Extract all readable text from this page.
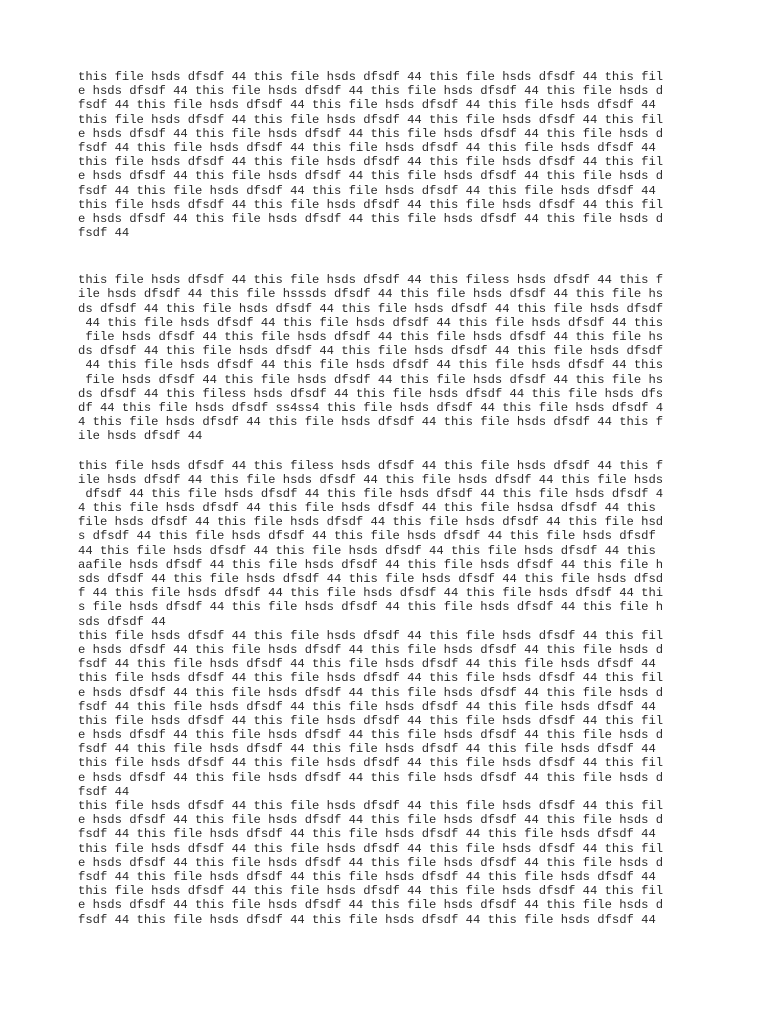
this file hsds dfsdf 44 this file hsds dfsdf 44 this file hsds dfsdf 44 this fil
e hsds dfsdf 44 this file hsds dfsdf 44 this file hsds dfsdf 44 this file hsds d
fsdf 44 this file hsds dfsdf 44 this file hsds dfsdf 44 this file hsds dfsdf 44
this file hsds dfsdf 44 this file hsds dfsdf 44 this file hsds dfsdf 44 this fil
e hsds dfsdf 44 this file hsds dfsdf 44 this file hsds dfsdf 44 this file hsds d
fsdf 44 this file hsds dfsdf 44 this file hsds dfsdf 44 this file hsds dfsdf 44
this file hsds dfsdf 44 this file hsds dfsdf 44 this file hsds dfsdf 44 this fil
e hsds dfsdf 44 this file hsds dfsdf 44 this file hsds dfsdf 44 this file hsds d
fsdf 44 this file hsds dfsdf 44 this file hsds dfsdf 44 this file hsds dfsdf 44
this file hsds dfsdf 44 this file hsds dfsdf 44 this file hsds dfsdf 44 this fil
e hsds dfsdf 44 this file hsds dfsdf 44 this file hsds dfsdf 44 this file hsds d
fsdf 44
this file hsds dfsdf 44 this file hsds dfsdf 44 this filess hsds dfsdf 44 this f
ile hsds dfsdf 44 this file hsssds dfsdf 44 this file hsds dfsdf 44 this file hs
ds dfsdf 44 this file hsds dfsdf 44 this file hsds dfsdf 44 this file hsds dfsdf
44 this file hsds dfsdf 44 this file hsds dfsdf 44 this file hsds dfsdf 44 this
file hsds dfsdf 44 this file hsds dfsdf 44 this file hsds dfsdf 44 this file hs
ds dfsdf 44 this file hsds dfsdf 44 this file hsds dfsdf 44 this file hsds dfsdf
44 this file hsds dfsdf 44 this file hsds dfsdf 44 this file hsds dfsdf 44 this
file hsds dfsdf 44 this file hsds dfsdf 44 this file hsds dfsdf 44 this file hs
ds dfsdf 44 this filess hsds dfsdf 44 this file hsds dfsdf 44 this file hsds dfs
df 44 this file hsds dfsdf ss4ss4 this file hsds dfsdf 44 this file hsds dfsdf 4
4 this file hsds dfsdf 44 this file hsds dfsdf 44 this file hsds dfsdf 44 this f
ile hsds dfsdf 44
this file hsds dfsdf 44 this filess hsds dfsdf 44 this file hsds dfsdf 44 this f
ile hsds dfsdf 44 this file hsds dfsdf 44 this file hsds dfsdf 44 this file hsds
dfsdf 44 this file hsds dfsdf 44 this file hsds dfsdf 44 this file hsds dfsdf 4
4 this file hsds dfsdf 44 this file hsds dfsdf 44 this file hsdsa dfsdf 44 this
file hsds dfsdf 44 this file hsds dfsdf 44 this file hsds dfsdf 44 this file hsd
s dfsdf 44 this file hsds dfsdf 44 this file hsds dfsdf 44 this file hsds dfsdf
44 this file hsds dfsdf 44 this file hsds dfsdf 44 this file hsds dfsdf 44 this
aafile hsds dfsdf 44 this file hsds dfsdf 44 this file hsds dfsdf 44 this file h
sds dfsdf 44 this file hsds dfsdf 44 this file hsds dfsdf 44 this file hsds dfsd
f 44 this file hsds dfsdf 44 this file hsds dfsdf 44 this file hsds dfsdf 44 thi
s file hsds dfsdf 44 this file hsds dfsdf 44 this file hsds dfsdf 44 this file h
sds dfsdf 44
this file hsds dfsdf 44 this file hsds dfsdf 44 this file hsds dfsdf 44 this fil
e hsds dfsdf 44 this file hsds dfsdf 44 this file hsds dfsdf 44 this file hsds d
fsdf 44 this file hsds dfsdf 44 this file hsds dfsdf 44 this file hsds dfsdf 44
this file hsds dfsdf 44 this file hsds dfsdf 44 this file hsds dfsdf 44 this fil
e hsds dfsdf 44 this file hsds dfsdf 44 this file hsds dfsdf 44 this file hsds d
fsdf 44 this file hsds dfsdf 44 this file hsds dfsdf 44 this file hsds dfsdf 44
this file hsds dfsdf 44 this file hsds dfsdf 44 this file hsds dfsdf 44 this fil
e hsds dfsdf 44 this file hsds dfsdf 44 this file hsds dfsdf 44 this file hsds d
fsdf 44 this file hsds dfsdf 44 this file hsds dfsdf 44 this file hsds dfsdf 44
this file hsds dfsdf 44 this file hsds dfsdf 44 this file hsds dfsdf 44 this fil
e hsds dfsdf 44 this file hsds dfsdf 44 this file hsds dfsdf 44 this file hsds d
fsdf 44
this file hsds dfsdf 44 this file hsds dfsdf 44 this file hsds dfsdf 44 this fil
e hsds dfsdf 44 this file hsds dfsdf 44 this file hsds dfsdf 44 this file hsds d
fsdf 44 this file hsds dfsdf 44 this file hsds dfsdf 44 this file hsds dfsdf 44
this file hsds dfsdf 44 this file hsds dfsdf 44 this file hsds dfsdf 44 this fil
e hsds dfsdf 44 this file hsds dfsdf 44 this file hsds dfsdf 44 this file hsds d
fsdf 44 this file hsds dfsdf 44 this file hsds dfsdf 44 this file hsds dfsdf 44
this file hsds dfsdf 44 this file hsds dfsdf 44 this file hsds dfsdf 44 this fil
e hsds dfsdf 44 this file hsds dfsdf 44 this file hsds dfsdf 44 this file hsds d
fsdf 44 this file hsds dfsdf 44 this file hsds dfsdf 44 this file hsds dfsdf 44
